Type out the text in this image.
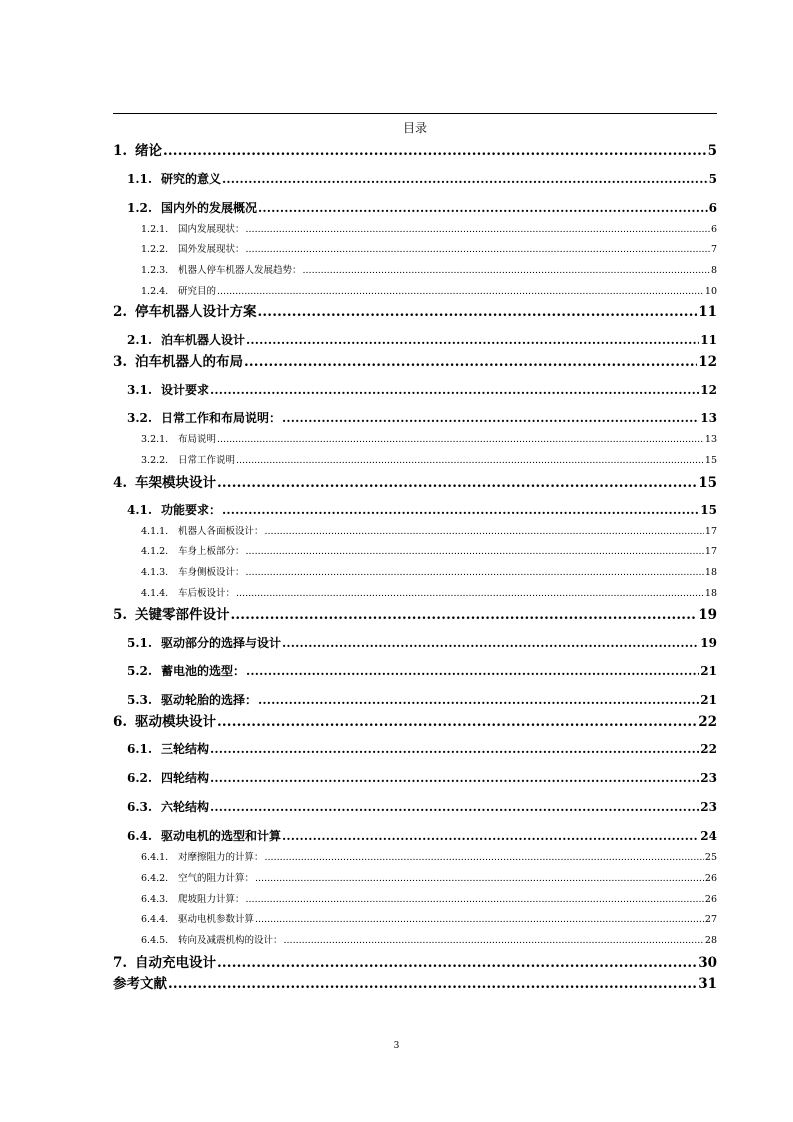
目录
1. 绪论 .....	5
1.1. 研究的意义 .....	5
1.2. 国内外的发展概况 .....	6
1.2.1.	国内发展现状： .....	6
1.2.2.	国外发展现状： .....	7
1.2.3.	机器人停车机器人发展趋势： .....	8
1.2.4.	研究目的 .....	10
2. 停车机器人设计方案 .....	11
2.1. 泊车机器人设计 .....	11
3. 泊车机器人的布局 .....	12
3.1. 设计要求 .....	12
3.2. 日常工作和布局说明： .....	13
3.2.1.	布局说明 .....	13
3.2.2.	日常工作说明 .....	15
4. 车架模块设计 .....	15
4.1. 功能要求： .....	15
4.1.1.	机器人各面板设计： .....	17
4.1.2.	车身上板部分： .....	17
4.1.3.	车身侧板设计： .....	18
4.1.4.	车后板设计： .....	18
5. 关键零部件设计 .....	19
5.1. 驱动部分的选择与设计 .....	19
5.2. 蓄电池的选型： .....	21
5.3. 驱动轮胎的选择： .....	21
6. 驱动模块设计 .....	22
6.1. 三轮结构 .....	22
6.2. 四轮结构 .....	23
6.3. 六轮结构 .....	23
6.4. 驱动电机的选型和计算 .....	24
6.4.1.	对摩擦阻力的计算： .....	25
6.4.2.	空气的阻力计算： .....	26
6.4.3.	爬坡阻力计算： .....	26
6.4.4.	驱动电机参数计算 .....	27
6.4.5.	转向及减震机构的设计： .....	28
7. 自动充电设计 .....	30
参考文献 .....	31
3
